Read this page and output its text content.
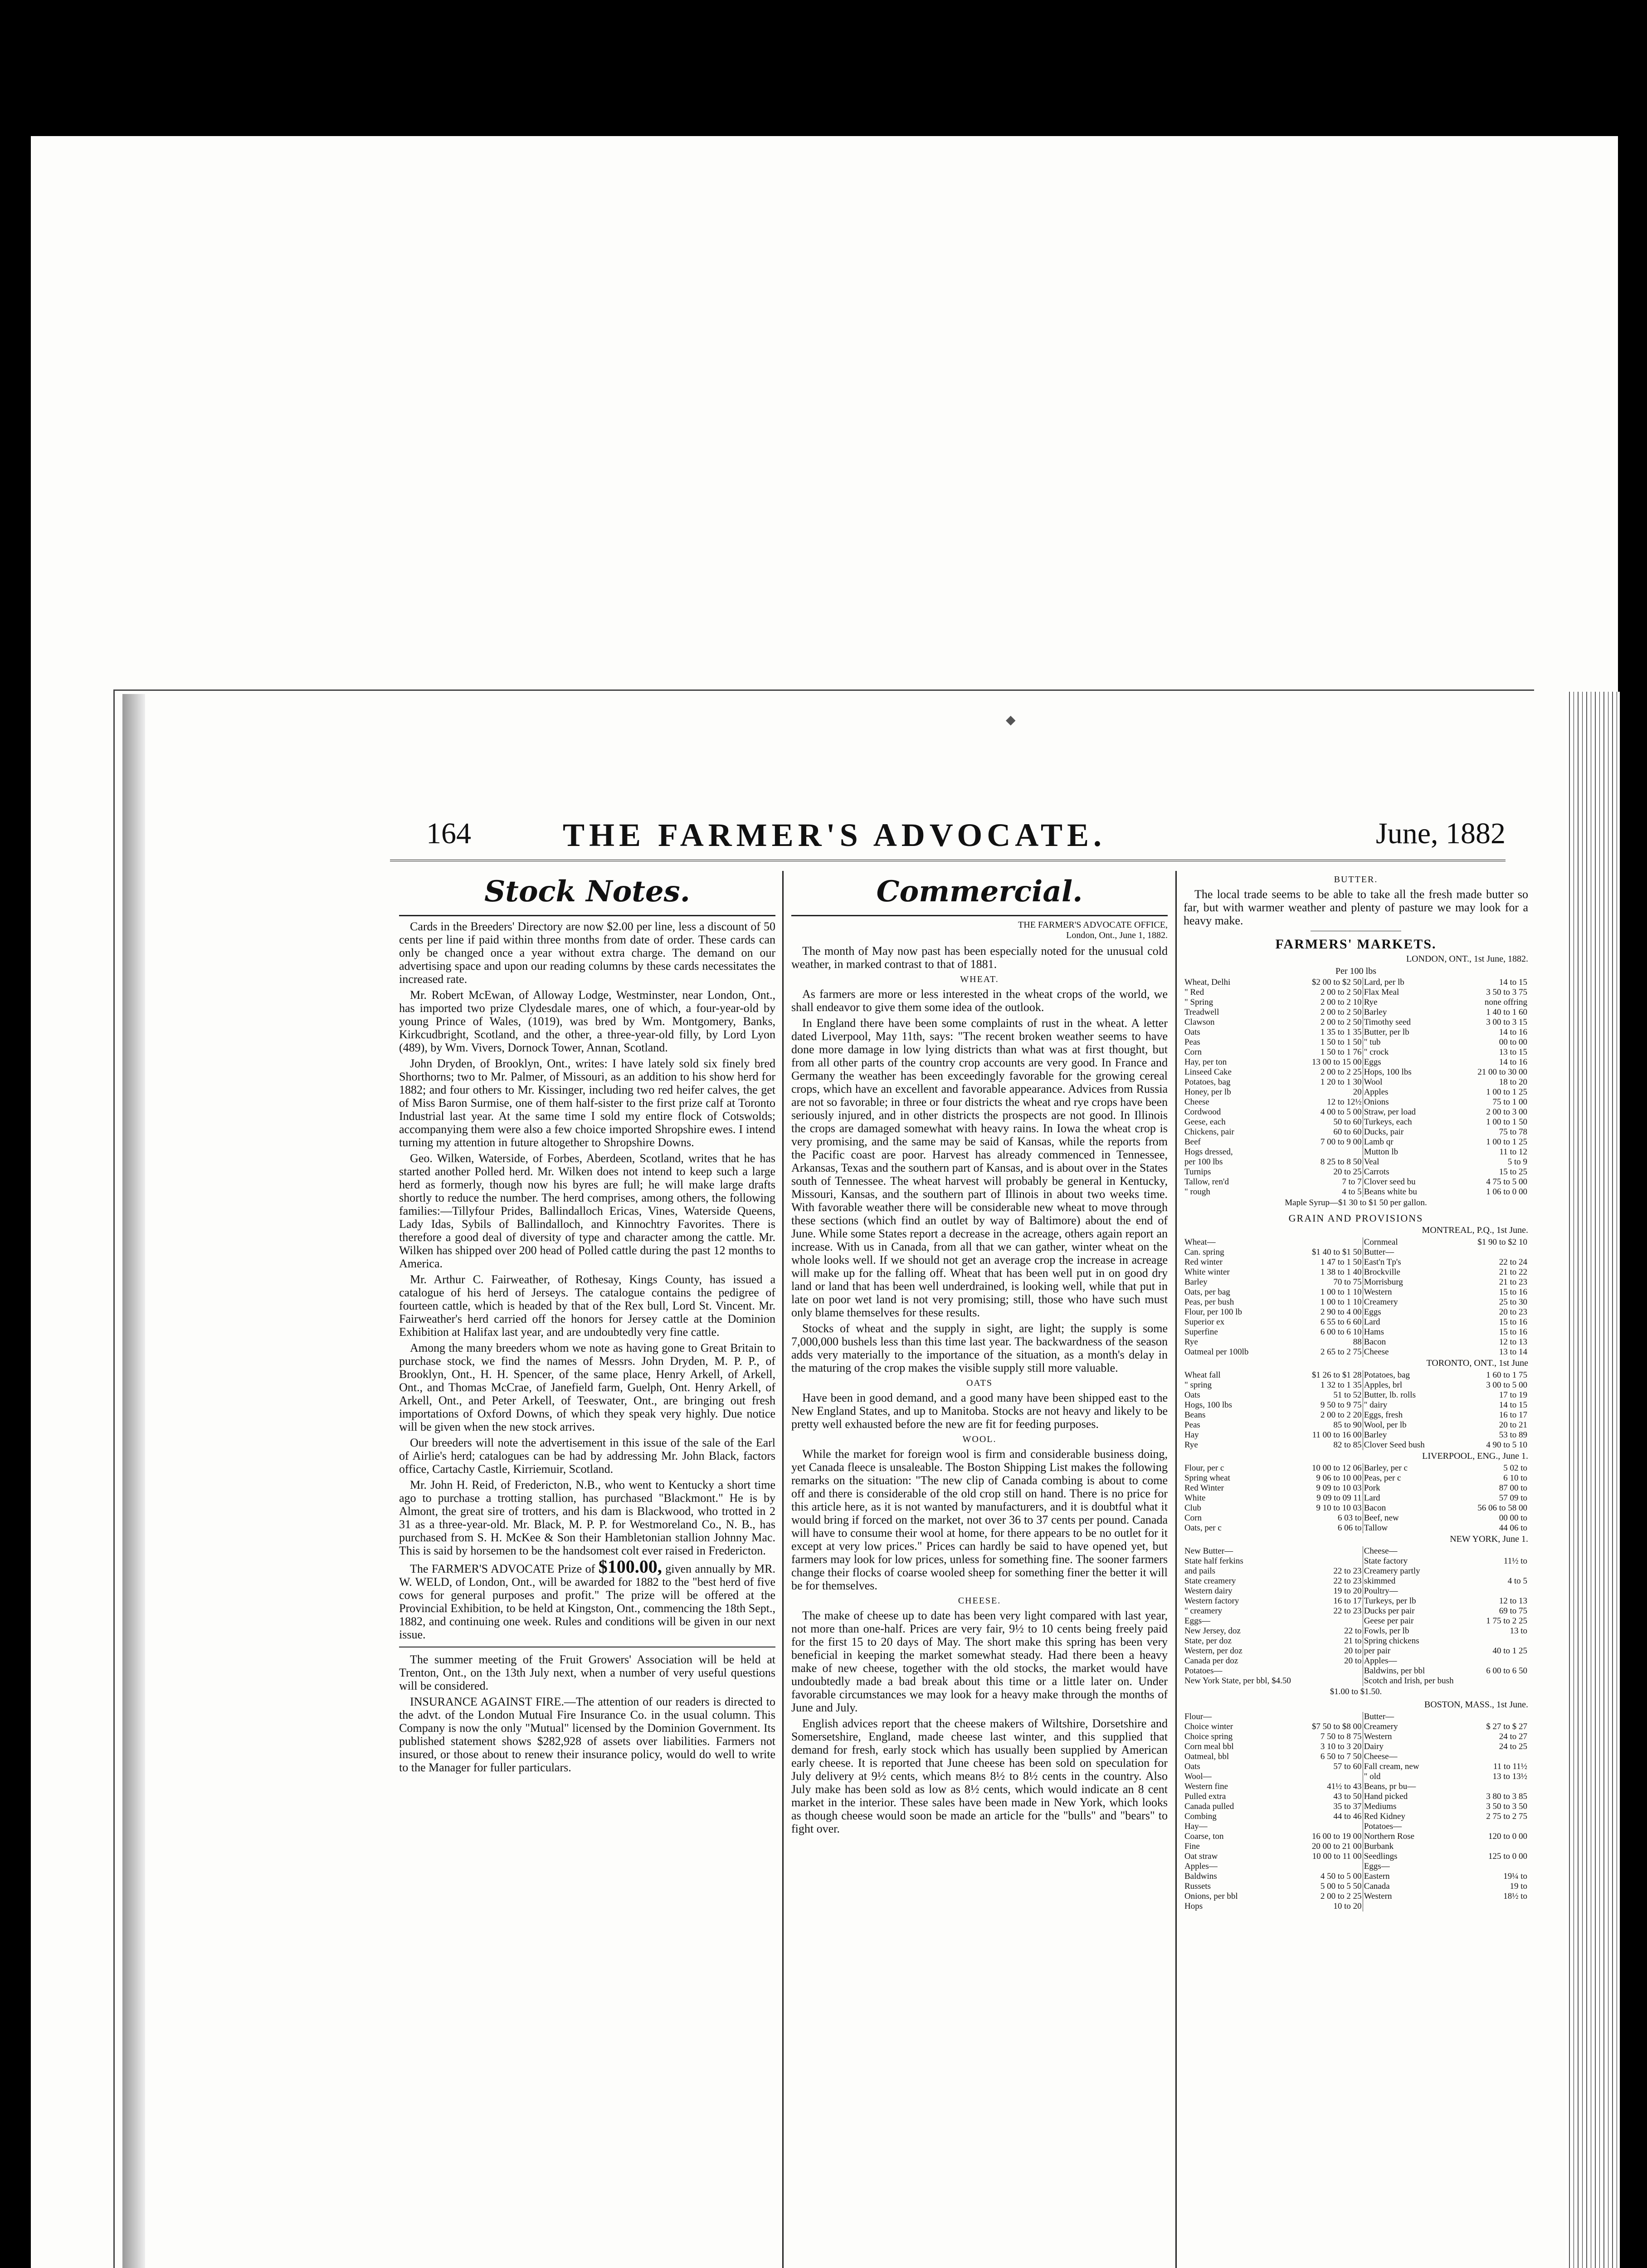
◆
164	THE FARMER'S ADVOCATE.	June, 1882
Stock Notes.

Cards in the Breeders' Directory are now $2.00 per line, less a discount of 50 cents per line if paid within three months from date of order. These cards can only be changed once a year without extra charge. The demand on our advertising space and upon our reading columns by these cards necessitates the increased rate.

Mr. Robert McEwan, of Alloway Lodge, Westminster, near London, Ont., has imported two prize Clydesdale mares, one of which, a four-year-old by young Prince of Wales, (1019), was bred by Wm. Montgomery, Banks, Kirkcudbright, Scotland, and the other, a three-year-old filly, by Lord Lyon (489), by Wm. Vivers, Dornock Tower, Annan, Scotland.

John Dryden, of Brooklyn, Ont., writes: I have lately sold six finely bred Shorthorns; two to Mr. Palmer, of Missouri, as an addition to his show herd for 1882; and four others to Mr. Kissinger, including two red heifer calves, the get of Miss Baron Surmise, one of them half-sister to the first prize calf at Toronto Industrial last year. At the same time I sold my entire flock of Cotswolds; accompanying them were also a few choice imported Shropshire ewes. I intend turning my attention in future altogether to Shropshire Downs.

Geo. Wilken, Waterside, of Forbes, Aberdeen, Scotland, writes that he has started another Polled herd. Mr. Wilken does not intend to keep such a large herd as formerly, though now his byres are full; he will make large drafts shortly to reduce the number. The herd comprises, among others, the following families:—Tillyfour Prides, Ballindalloch Ericas, Vines, Waterside Queens, Lady Idas, Sybils of Ballindalloch, and Kinnochtry Favorites. There is therefore a good deal of diversity of type and character among the cattle. Mr. Wilken has shipped over 200 head of Polled cattle during the past 12 months to America.

Mr. Arthur C. Fairweather, of Rothesay, Kings County, has issued a catalogue of his herd of Jerseys. The catalogue contains the pedigree of fourteen cattle, which is headed by that of the Rex bull, Lord St. Vincent. Mr. Fairweather's herd carried off the honors for Jersey cattle at the Dominion Exhibition at Halifax last year, and are undoubtedly very fine cattle.

Among the many breeders whom we note as having gone to Great Britain to purchase stock, we find the names of Messrs. John Dryden, M. P. P., of Brooklyn, Ont., H. H. Spencer, of the same place, Henry Arkell, of Arkell, Ont., and Thomas McCrae, of Janefield farm, Guelph, Ont. Henry Arkell, of Arkell, Ont., and Peter Arkell, of Teeswater, Ont., are bringing out fresh importations of Oxford Downs, of which they speak very highly. Due notice will be given when the new stock arrives.

Our breeders will note the advertisement in this issue of the sale of the Earl of Airlie's herd; catalogues can be had by addressing Mr. John Black, factors office, Cartachy Castle, Kirriemuir, Scotland.

Mr. John H. Reid, of Fredericton, N.B., who went to Kentucky a short time ago to purchase a trotting stallion, has purchased "Blackmont." He is by Almont, the great sire of trotters, and his dam is Blackwood, who trotted in 2 31 as a three-year-old. Mr. Black, M. P. P. for Westmoreland Co., N. B., has purchased from S. H. McKee & Son their Hambletonian stallion Johnny Mac. This is said by horsemen to be the handsomest colt ever raised in Fredericton.

The FARMER'S ADVOCATE Prize of $100.00, given annually by MR. W. WELD, of London, Ont., will be awarded for 1882 to the "best herd of five cows for general purposes and profit." The prize will be offered at the Provincial Exhibition, to be held at Kingston, Ont., commencing the 18th Sept., 1882, and continuing one week. Rules and conditions will be given in our next issue.

The summer meeting of the Fruit Growers' Association will be held at Trenton, Ont., on the 13th July next, when a number of very useful questions will be considered.

INSURANCE AGAINST FIRE.—The attention of our readers is directed to the advt. of the London Mutual Fire Insurance Co. in the usual column. This Company is now the only "Mutual" licensed by the Dominion Government. Its published statement shows $282,928 of assets over liabilities. Farmers not insured, or those about to renew their insurance policy, would do well to write to the Manager for fuller particulars.

Commercial.
THE FARMER'S ADVOCATE OFFICE,
London, Ont., June 1, 1882.

The month of May now past has been especially noted for the unusual cold weather, in marked contrast to that of 1881.

WHEAT.

As farmers are more or less interested in the wheat crops of the world, we shall endeavor to give them some idea of the outlook.

In England there have been some complaints of rust in the wheat. A letter dated Liverpool, May 11th, says: "The recent broken weather seems to have done more damage in low lying districts than what was at first thought, but from all other parts of the country crop accounts are very good. In France and Germany the weather has been exceedingly favorable for the growing cereal crops, which have an excellent and favorable appearance. Advices from Russia are not so favorable; in three or four districts the wheat and rye crops have been seriously injured, and in other districts the prospects are not good. In Illinois the crops are damaged somewhat with heavy rains. In Iowa the wheat crop is very promising, and the same may be said of Kansas, while the reports from the Pacific coast are poor. Harvest has already commenced in Tennessee, Arkansas, Texas and the southern part of Kansas, and is about over in the States south of Tennessee. The wheat harvest will probably be general in Kentucky, Missouri, Kansas, and the southern part of Illinois in about two weeks time. With favorable weather there will be considerable new wheat to move through these sections (which find an outlet by way of Baltimore) about the end of June. While some States report a decrease in the acreage, others again report an increase. With us in Canada, from all that we can gather, winter wheat on the whole looks well. If we should not get an average crop the increase in acreage will make up for the falling off. Wheat that has been well put in on good dry land or land that has been well underdrained, is looking well, while that put in late on poor wet land is not very promising; still, those who have such must only blame themselves for these results.

Stocks of wheat and the supply in sight, are light; the supply is some 7,000,000 bushels less than this time last year. The backwardness of the season adds very materially to the importance of the situation, as a month's delay in the maturing of the crop makes the visible supply still more valuable.

OATS

Have been in good demand, and a good many have been shipped east to the New England States, and up to Manitoba. Stocks are not heavy and likely to be pretty well exhausted before the new are fit for feeding purposes.

WOOL.

While the market for foreign wool is firm and considerable business doing, yet Canada fleece is unsaleable. The Boston Shipping List makes the following remarks on the situation: "The new clip of Canada combing is about to come off and there is considerable of the old crop still on hand. There is no price for this article here, as it is not wanted by manufacturers, and it is doubtful what it would bring if forced on the market, not over 36 to 37 cents per pound. Canada will have to consume their wool at home, for there appears to be no outlet for it except at very low prices." Prices can hardly be said to have opened yet, but farmers may look for low prices, unless for something fine. The sooner farmers change their flocks of coarse wooled sheep for something finer the better it will be for themselves.

CHEESE.

The make of cheese up to date has been very light compared with last year, not more than one-half. Prices are very fair, 9½ to 10 cents being freely paid for the first 15 to 20 days of May. The short make this spring has been very beneficial in keeping the market somewhat steady. Had there been a heavy make of new cheese, together with the old stocks, the market would have undoubtedly made a bad break about this time or a little later on. Under favorable circumstances we may look for a heavy make through the months of June and July.

English advices report that the cheese makers of Wiltshire, Dorsetshire and Somersetshire, England, made cheese last winter, and this supplied that demand for fresh, early stock which has usually been supplied by American early cheese. It is reported that June cheese has been sold on speculation for July delivery at 9½ cents, which means 8½ to 8½ cents in the country. Also July make has been sold as low as 8½ cents, which would indicate an 8 cent market in the interior. These sales have been made in New York, which looks as though cheese would soon be made an article for the "bulls" and "bears" to fight over.

BUTTER.

The local trade seems to be able to take all the fresh made butter so far, but with warmer weather and plenty of pasture we may look for a heavy make.

FARMERS' MARKETS.
LONDON, ONT., 1st June, 1882.
Per 100 lbs
Wheat, Delhi	$2 00 to $2 50	Lard, per lb	14 to 15
" Red	2 00 to 2 50	Flax Meal	3 50 to 3 75
" Spring	2 00 to 2 10	Rye	none offring
Treadwell	2 00 to 2 50	Barley	1 40 to 1 60
Clawson	2 00 to 2 50	Timothy seed	3 00 to 3 15
Oats	1 35 to 1 35	Butter, per lb	14 to 16
Peas	1 50 to 1 50	" tub	00 to 00
Corn	1 50 to 1 76	" crock	13 to 15
Hay, per ton	13 00 to 15 00	Eggs	14 to 16
Linseed Cake	2 00 to 2 25	Hops, 100 lbs	21 00 to 30 00
Potatoes, bag	1 20 to 1 30	Wool	18 to 20
Honey, per lb	20	Apples	1 00 to 1 25
Cheese	12 to 12½	Onions	75 to 1 00
Cordwood	4 00 to 5 00	Straw, per load	2 00 to 3 00
Geese, each	50 to 60	Turkeys, each	1 00 to 1 50
Chickens, pair	60 to 60	Ducks, pair	75 to 78
Beef	7 00 to 9 00	Lamb qr	1 00 to 1 25
Hogs dressed,		Mutton lb	11 to 12
per 100 lbs	8 25 to 8 50	Veal	5 to 9
Turnips	20 to 25	Carrots	15 to 25
Tallow, ren'd	7 to 7	Clover seed bu	4 75 to 5 00
" rough	4 to 5	Beans white bu	1 06 to 0 00
Maple Syrup—$1 30 to $1 50 per gallon.
GRAIN AND PROVISIONS
MONTREAL, P.Q., 1st June.
Wheat—		Cornmeal	$1 90 to $2 10
Can. spring	$1 40 to $1 50	Butter—	
Red winter	1 47 to 1 50	East'n Tp's	22 to 24
White winter	1 38 to 1 40	Brockville	21 to 22
Barley	70 to 75	Morrisburg	21 to 23
Oats, per bag	1 00 to 1 10	Western	15 to 16
Peas, per bush	1 00 to 1 10	Creamery	25 to 30
Flour, per 100 lb	2 90 to 4 00	Eggs	20 to 23
Superior ex	6 55 to 6 60	Lard	15 to 16
Superfine	6 00 to 6 10	Hams	15 to 16
Rye	88	Bacon	12 to 13
Oatmeal per 100lb	2 65 to 2 75	Cheese	13 to 14
TORONTO, ONT., 1st June
Wheat fall	$1 26 to $1 28	Potatoes, bag	1 60 to 1 75
" spring	1 32 to 1 35	Apples, brl	3 00 to 5 00
Oats	51 to 52	Butter, lb. rolls	17 to 19
Hogs, 100 lbs	9 50 to 9 75	" dairy	14 to 15
Beans	2 00 to 2 20	Eggs, fresh	16 to 17
Peas	85 to 90	Wool, per lb	20 to 21
Hay	11 00 to 16 00	Barley	53 to 89
Rye	82 to 85	Clover Seed bush	4 90 to 5 10
LIVERPOOL, ENG., June 1.
Flour, per c	10 00 to 12 06	Barley, per c	5 02 to
Spring wheat	9 06 to 10 00	Peas, per c	6 10 to
Red Winter	9 09 to 10 03	Pork	87 00 to
White	9 09 to 09 11	Lard	57 09 to
Club	9 10 to 10 03	Bacon	56 06 to 58 00
Corn	6 03 to	Beef, new	00 00 to
Oats, per c	6 06 to	Tallow	44 06 to
NEW YORK, June 1.
New Butter—		Cheese—	
State half ferkins		State factory	11½ to
and pails	22 to 23	Creamery partly	
State creamery	22 to 23	skimmed	4 to 5
Western dairy	19 to 20	Poultry—	
Western factory	16 to 17	Turkeys, per lb	12 to 13
" creamery	22 to 23	Ducks per pair	69 to 75
Eggs—		Geese per pair	1 75 to 2 25
New Jersey, doz	22 to	Fowls, per lb	13 to
State, per doz	21 to	Spring chickens	
Western, per doz	20 to	per pair	40 to 1 25
Canada per doz	20 to	Apples—	
Potatoes—		Baldwins, per bbl	6 00 to 6 50
New York State, per bbl, $4.50		Scotch and Irish, per bush	
$1.00 to $1.50.
BOSTON, MASS., 1st June.
Flour—		Butter—	
Choice winter	$7 50 to $8 00	Creamery	$ 27 to $ 27
Choice spring	7 50 to 8 75	Western	24 to 27
Corn meal bbl	3 10 to 3 20	Dairy	24 to 25
Oatmeal, bbl	6 50 to 7 50	Cheese—	
Oats	57 to 60	Fall cream, new	11 to 11½
Wool—		" old	13 to 13½
Western fine	41½ to 43	Beans, pr bu—	
Pulled extra	43 to 50	Hand picked	3 80 to 3 85
Canada pulled	35 to 37	Mediums	3 50 to 3 50
Combing	44 to 46	Red Kidney	2 75 to 2 75
Hay—		Potatoes—	
Coarse, ton	16 00 to 19 00	Northern Rose	120 to 0 00
Fine	20 00 to 21 00	Burbank	
Oat straw	10 00 to 11 00	Seedlings	125 to 0 00
Apples—		Eggs—	
Baldwins	4 50 to 5 00	Eastern	19¼ to
Russets	5 00 to 5 50	Canada	19 to
Onions, per bbl	2 00 to 2 25	Western	18½ to
Hops	10 to 20		
